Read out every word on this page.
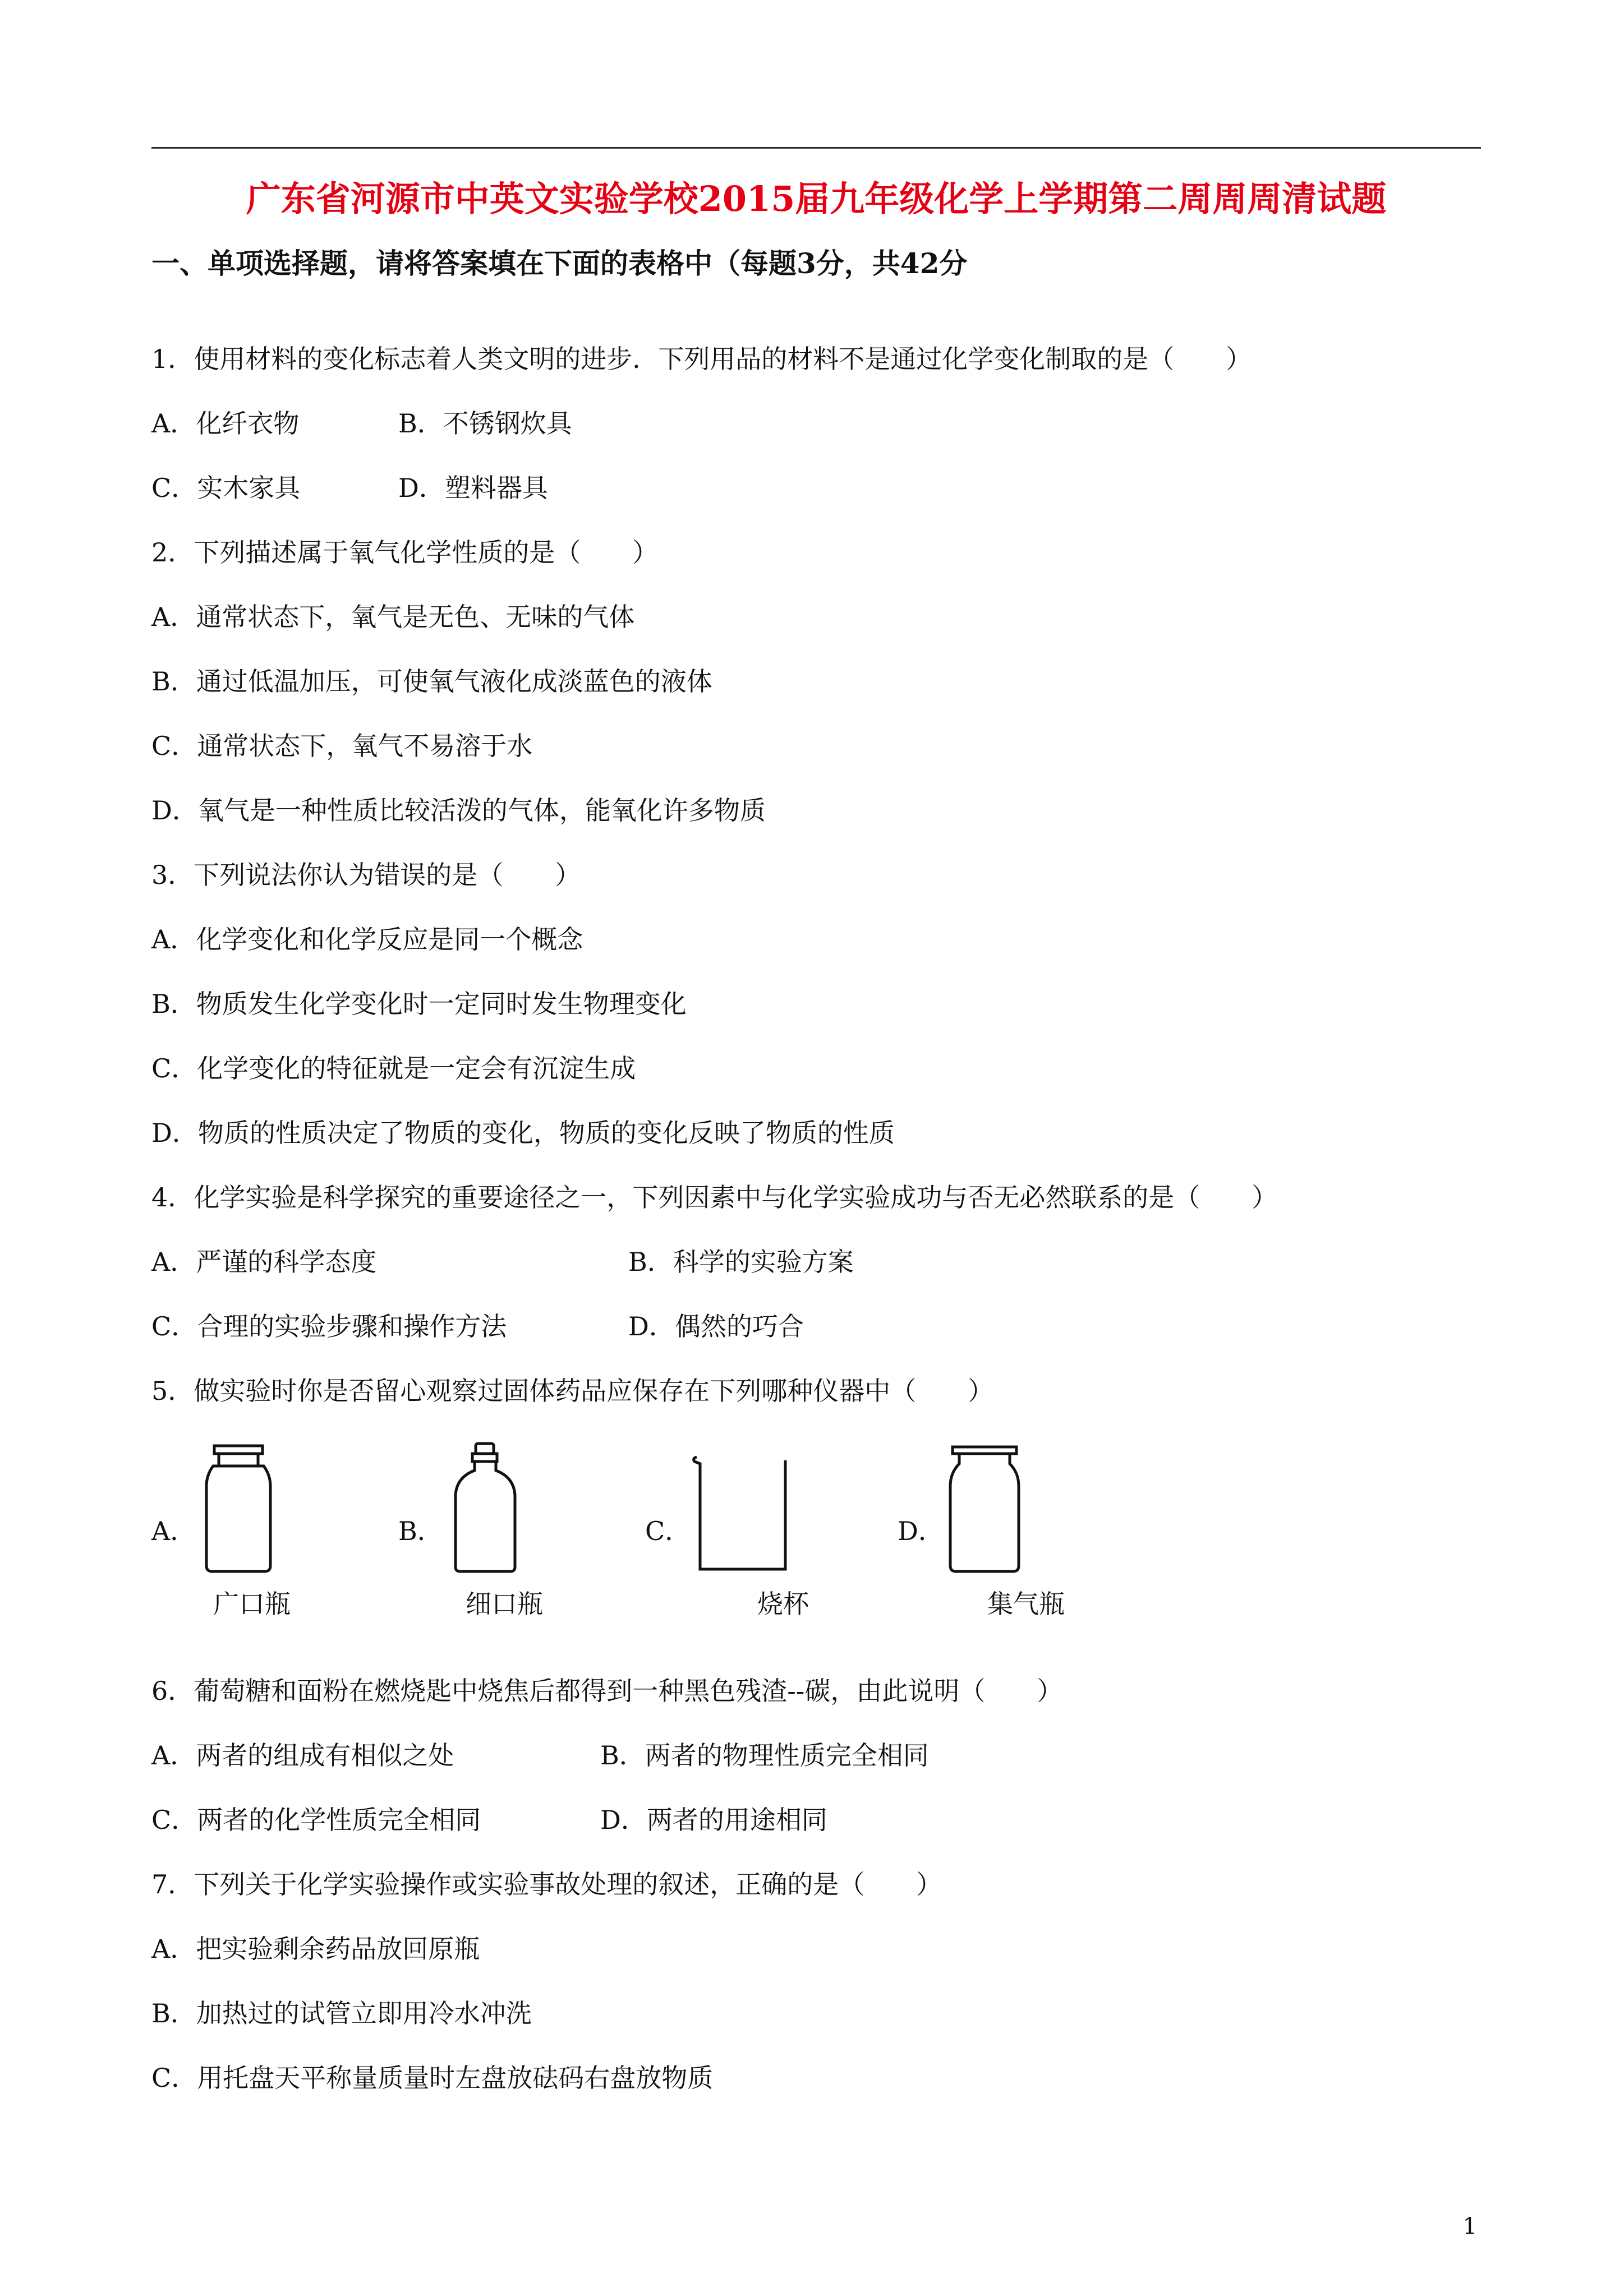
广东省河源市中英文实验学校2015届九年级化学上学期第二周周周清试题
一、单项选择题，请将答案填在下面的表格中（每题3分，共42分
1．使用材料的变化标志着人类文明的进步．下列用品的材料不是通过化学变化制取的是（　　）
A．化纤衣物	B．不锈钢炊具
C．实木家具	D．塑料器具
2．下列描述属于氧气化学性质的是（　　）
A．通常状态下，氧气是无色、无味的气体
B．通过低温加压，可使氧气液化成淡蓝色的液体
C．通常状态下，氧气不易溶于水
D．氧气是一种性质比较活泼的气体，能氧化许多物质
3．下列说法你认为错误的是（　　）
A．化学变化和化学反应是同一个概念
B．物质发生化学变化时一定同时发生物理变化
C．化学变化的特征就是一定会有沉淀生成
D．物质的性质决定了物质的变化，物质的变化反映了物质的性质
4．化学实验是科学探究的重要途径之一，下列因素中与化学实验成功与否无必然联系的是（　　）
A．严谨的科学态度	B．科学的实验方案
C．合理的实验步骤和操作方法	D．偶然的巧合
5．做实验时你是否留心观察过固体药品应保存在下列哪种仪器中（　　）
6．葡萄糖和面粉在燃烧匙中烧焦后都得到一种黑色残渣--碳，由此说明（　　）
A．两者的组成有相似之处	B．两者的物理性质完全相同
C．两者的化学性质完全相同	D．两者的用途相同
7．下列关于化学实验操作或实验事故处理的叙述，正确的是（　　）
A．把实验剩余药品放回原瓶
B．加热过的试管立即用冷水冲洗
C．用托盘天平称量质量时左盘放砝码右盘放物质
A．
广口瓶
B．
细口瓶
C．
烧杯
D．
集气瓶
1
